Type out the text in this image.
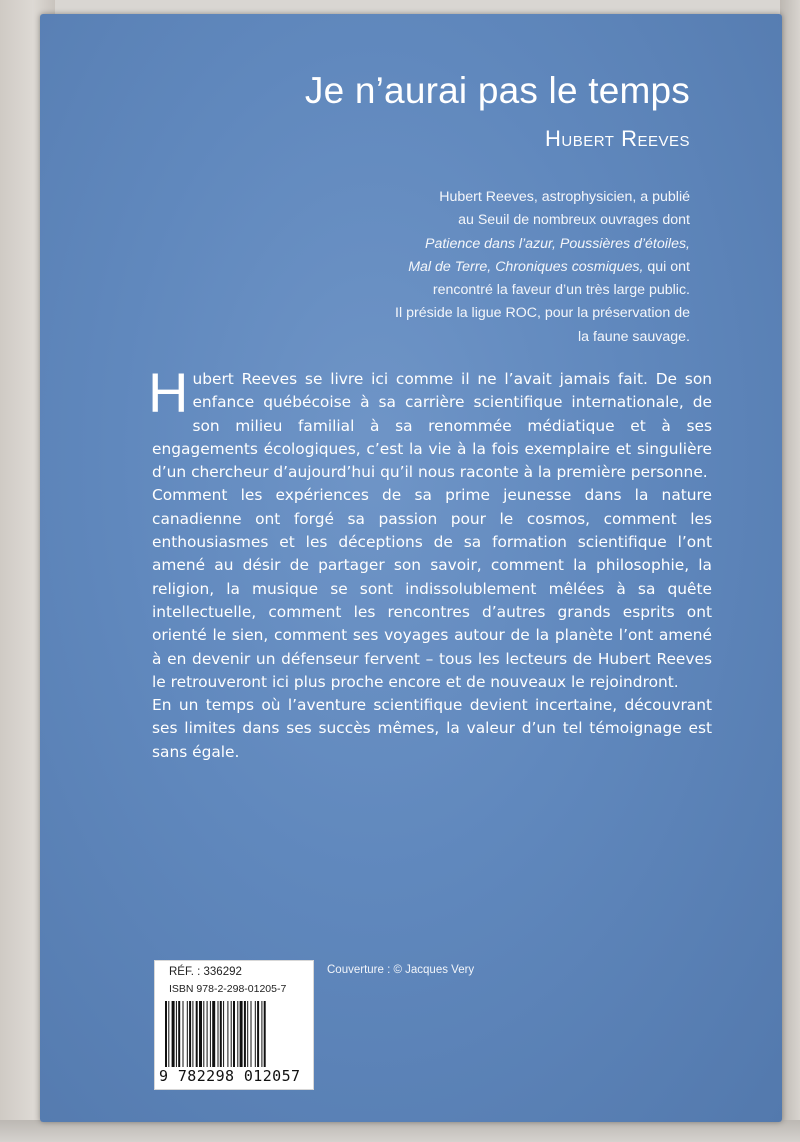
Je n’aurai pas le temps
Hubert Reeves
Hubert Reeves, astrophysicien, a publié
au Seuil de nombreux ouvrages dont
Patience dans l’azur, Poussières d’étoiles,
Mal de Terre, Chroniques cosmiques, qui ont
rencontré la faveur d’un très large public.
Il préside la ligue ROC, pour la préservation de
la faune sauvage.

Hubert Reeves se livre ici comme il ne l’avait jamais fait. De son enfance québécoise à sa carrière scientifique internationale, de son milieu familial à sa renommée médiatique et à ses engagements écologiques, c’est la vie à la fois exemplaire et singulière d’un chercheur d’aujourd’hui qu’il nous raconte à la première personne.

Comment les expériences de sa prime jeunesse dans la nature canadienne ont forgé sa passion pour le cosmos, comment les enthousiasmes et les déceptions de sa formation scientifique l’ont amené au désir de partager son savoir, comment la philosophie, la religion, la musique se sont indissolublement mêlées à sa quête intellectuelle, comment les rencontres d’autres grands esprits ont orienté le sien, comment ses voyages autour de la planète l’ont amené à en devenir un défenseur fervent – tous les lecteurs de Hubert Reeves le retrouveront ici plus proche encore et de nouveaux le rejoindront.

En un temps où l’aventure scientifique devient incertaine, découvrant ses limites dans ses succès mêmes, la valeur d’un tel témoignage est sans égale.

RÉF. : 336292
ISBN 978-2-298-01205-7
9 782298 012057
Couverture : © Jacques Very
